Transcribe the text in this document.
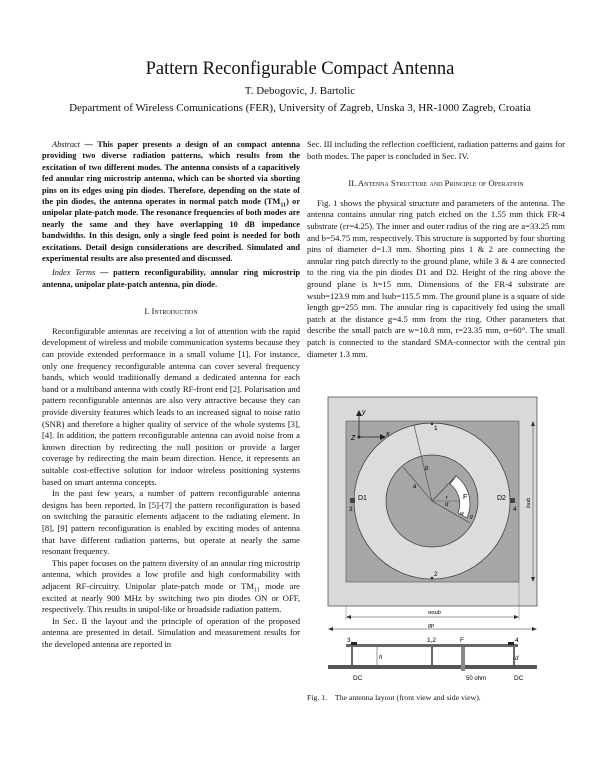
Pattern Reconfigurable Compact Antenna
T. Debogovic, J. Bartolic
Department of Wireless Comunications (FER), University of Zagreb, Unska 3, HR-1000 Zagreb, Croatia

Abstract — This paper presents a design of an compact antenna providing two diverse radiation patterns, which results from the excitation of two different modes. The antenna consists of a capacitively fed annular ring microstrip antenna, which can be shorted via shorting pins on its edges using pin diodes. Therefore, depending on the state of the pin diodes, the antenna operates in normal patch mode $(TM_{11})$ or unipolar plate-patch mode. The resonance frequencies of both modes are nearly the same and they have overlapping 10 dB impedance bandwidths. In this design, only a single feed point is needed for both excitations. Detail design considerations are described. Simulated and experimental results are also presented and discussed.

Index Terms — pattern reconfigurability, annular ring microstrip antenna, unipolar plate-patch antenna, pin diode.

I. Introduction

Reconfigurable antennas are receiving a lot of attention with the rapid development of wireless and mobile communication systems because they can provide extended performance in a small volume [1]. For instance, only one frequency reconfigurable antenna can cover several frequency bands, which would traditionally demand a dedicated antenna for each band or a multiband antenna with costly RF-front end [2]. Polarisation and pattern reconfigurable antennas are also very attractive because they can provide diversity features which leads to an increased signal to noise ratio (SNR) and therefore a higher quality of service of the whole systems [3], [4]. In addition, the pattern reconfigurable antenna can avoid noise from a known direction by redirecting the null position or provide a larger coverage by redirecting the main beam direction. Hence, it represents an suitable cost-effective solution for indoor wireless positioning systems based on smart antenna concepts.

In the past few years, a number of pattern reconfigurable antenna designs has been reported. In [5]-[7] the pattern reconfiguration is based on switching the parasitic elements adjacent to the radiating element. In [8], [9] pattern reconfiguration is enabled by exciting modes of antenna that have different radiation patterns, but operate at nearly the same resonant frequency.

This paper focuses on the pattern diversity of an annular ring microstrip antenna, which provides a low profile and high conformability with adjacent RF-circuitry. Unipolar plate-patch mode or $TM_{11}$ mode are excited at nearly 900 MHz by switching two pin diodes ON or OFF, respectively. This results in unipol-like or broadside radiation pattern.

In Sec. II the layout and the principle of operation of the proposed antenna are presented in detail. Simulation and measurement results for the developed antenna are reported in

Sec. III including the reflection coefficient, radiation patterns and gains for both modes. The paper is concluded in Sec. IV.

II. Antenna Structure and Principle of Operation

Fig. 1 shows the physical structure and parameters of the antenna. The antenna contains annular ring patch etched on the 1.55 mm thick FR-4 substrate (εr=4.25). The inner and outer radius of the ring are a=33.25 mm and b=54.75 mm, respectively. This structure is supported by four shorting pins of diameter d=1.3 mm. Shorting pins 1 & 2 are connecting the annular ring patch directly to the ground plane, while 3 & 4 are connected to the ring via the pin diodes D1 and D2. Height of the ring above the ground plane is h=15 mm. Dimensions of the FR-4 substrate are wsub=123.9 mm and lsub=115.5 mm. The ground plane is a square of side length gp=255 mm. The annular ring is capacitively fed using the small patch at the distance g=4.5 mm from the ring. Other parameters that describe the small patch are w=10.8 mm, r=23.35 mm, α=60°. The small patch is connected to the standard SMA-connector with the central pin diameter 1.3 mm.

y
x
Z
1
2
3	4
D1	D2
F
a
b
r
α
w g
lsub
wsub
gp
3	1,2	F	4
h	d
DC	50 ohm	DC
Fig. 1. The antenna layout (front view and side view).
